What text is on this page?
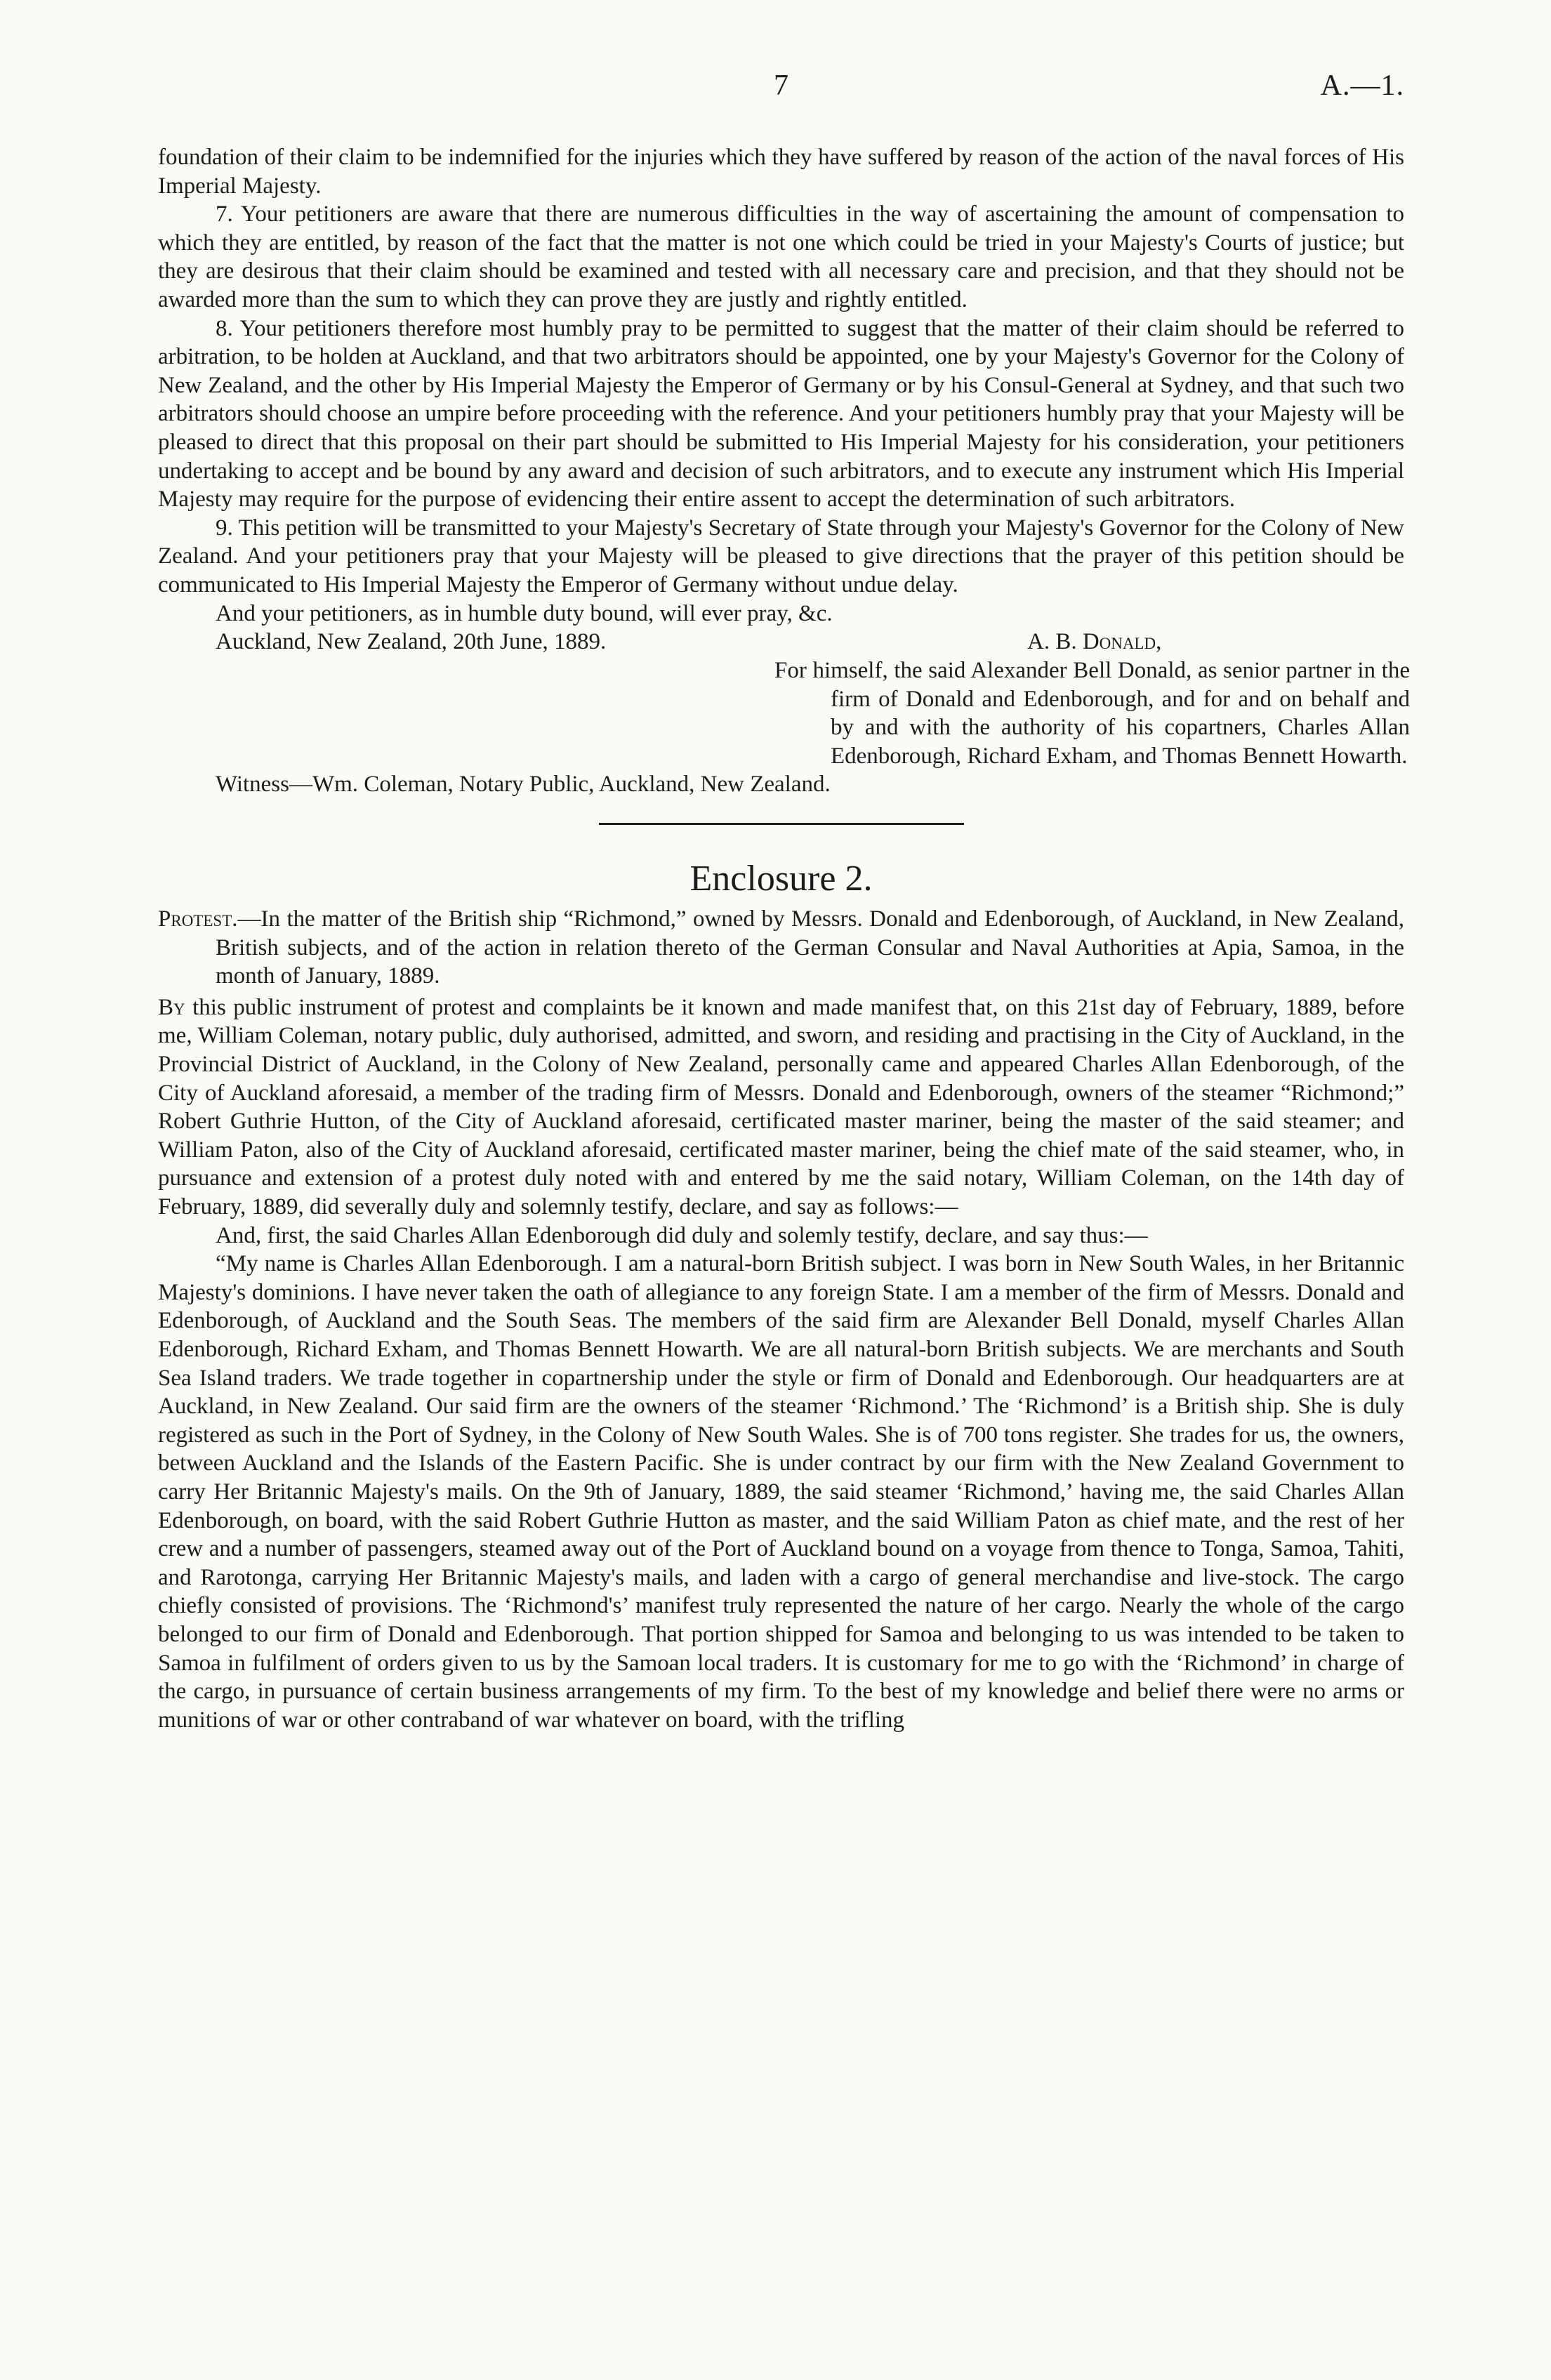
7	A.—1.

foundation of their claim to be indemnified for the injuries which they have suffered by reason of the action of the naval forces of His Imperial Majesty.

7. Your petitioners are aware that there are numerous difficulties in the way of ascertaining the amount of compensation to which they are entitled, by reason of the fact that the matter is not one which could be tried in your Majesty's Courts of justice; but they are desirous that their claim should be examined and tested with all necessary care and precision, and that they should not be awarded more than the sum to which they can prove they are justly and rightly entitled.

8. Your petitioners therefore most humbly pray to be permitted to suggest that the matter of their claim should be referred to arbitration, to be holden at Auckland, and that two arbitrators should be appointed, one by your Majesty's Governor for the Colony of New Zealand, and the other by His Imperial Majesty the Emperor of Germany or by his Consul-General at Sydney, and that such two arbitrators should choose an umpire before proceeding with the reference. And your petitioners humbly pray that your Majesty will be pleased to direct that this proposal on their part should be submitted to His Imperial Majesty for his consideration, your petitioners undertaking to accept and be bound by any award and decision of such arbitrators, and to execute any instrument which His Imperial Majesty may require for the purpose of evidencing their entire assent to accept the determination of such arbitrators.

9. This petition will be transmitted to your Majesty's Secretary of State through your Majesty's Governor for the Colony of New Zealand. And your petitioners pray that your Majesty will be pleased to give directions that the prayer of this petition should be communicated to His Imperial Majesty the Emperor of Germany without undue delay.

And your petitioners, as in humble duty bound, will ever pray, &c.

Auckland, New Zealand, 20th June, 1889.	A. B. Donald,

For himself, the said Alexander Bell Donald, as senior partner in the firm of Donald and Edenborough, and for and on behalf and by and with the authority of his copartners, Charles Allan Edenborough, Richard Exham, and Thomas Bennett Howarth.

Witness—Wm. Coleman, Notary Public, Auckland, New Zealand.

Enclosure 2.

Protest.—In the matter of the British ship “Richmond,” owned by Messrs. Donald and Edenborough, of Auckland, in New Zealand, British subjects, and of the action in relation thereto of the German Consular and Naval Authorities at Apia, Samoa, in the month of January, 1889.

By this public instrument of protest and complaints be it known and made manifest that, on this 21st day of February, 1889, before me, William Coleman, notary public, duly authorised, admitted, and sworn, and residing and practising in the City of Auckland, in the Provincial District of Auckland, in the Colony of New Zealand, personally came and appeared Charles Allan Edenborough, of the City of Auckland aforesaid, a member of the trading firm of Messrs. Donald and Edenborough, owners of the steamer “Richmond;” Robert Guthrie Hutton, of the City of Auckland aforesaid, certificated master mariner, being the master of the said steamer; and William Paton, also of the City of Auckland aforesaid, certificated master mariner, being the chief mate of the said steamer, who, in pursuance and extension of a protest duly noted with and entered by me the said notary, William Coleman, on the 14th day of February, 1889, did severally duly and solemnly testify, declare, and say as follows:—

And, first, the said Charles Allan Edenborough did duly and solemly testify, declare, and say thus:—

“My name is Charles Allan Edenborough. I am a natural-born British subject. I was born in New South Wales, in her Britannic Majesty's dominions. I have never taken the oath of allegiance to any foreign State. I am a member of the firm of Messrs. Donald and Edenborough, of Auckland and the South Seas. The members of the said firm are Alexander Bell Donald, myself Charles Allan Edenborough, Richard Exham, and Thomas Bennett Howarth. We are all natural-born British subjects. We are merchants and South Sea Island traders. We trade together in copartnership under the style or firm of Donald and Edenborough. Our headquarters are at Auckland, in New Zealand. Our said firm are the owners of the steamer ‘Richmond.’ The ‘Richmond’ is a British ship. She is duly registered as such in the Port of Sydney, in the Colony of New South Wales. She is of 700 tons register. She trades for us, the owners, between Auckland and the Islands of the Eastern Pacific. She is under contract by our firm with the New Zealand Government to carry Her Britannic Majesty's mails. On the 9th of January, 1889, the said steamer ‘Richmond,’ having me, the said Charles Allan Edenborough, on board, with the said Robert Guthrie Hutton as master, and the said William Paton as chief mate, and the rest of her crew and a number of passengers, steamed away out of the Port of Auckland bound on a voyage from thence to Tonga, Samoa, Tahiti, and Rarotonga, carrying Her Britannic Majesty's mails, and laden with a cargo of general merchandise and live-stock. The cargo chiefly consisted of provisions. The ‘Richmond's’ manifest truly represented the nature of her cargo. Nearly the whole of the cargo belonged to our firm of Donald and Edenborough. That portion shipped for Samoa and belonging to us was intended to be taken to Samoa in fulfilment of orders given to us by the Samoan local traders. It is customary for me to go with the ‘Richmond’ in charge of the cargo, in pursuance of certain business arrangements of my firm. To the best of my knowledge and belief there were no arms or munitions of war or other contraband of war whatever on board, with the trifling
